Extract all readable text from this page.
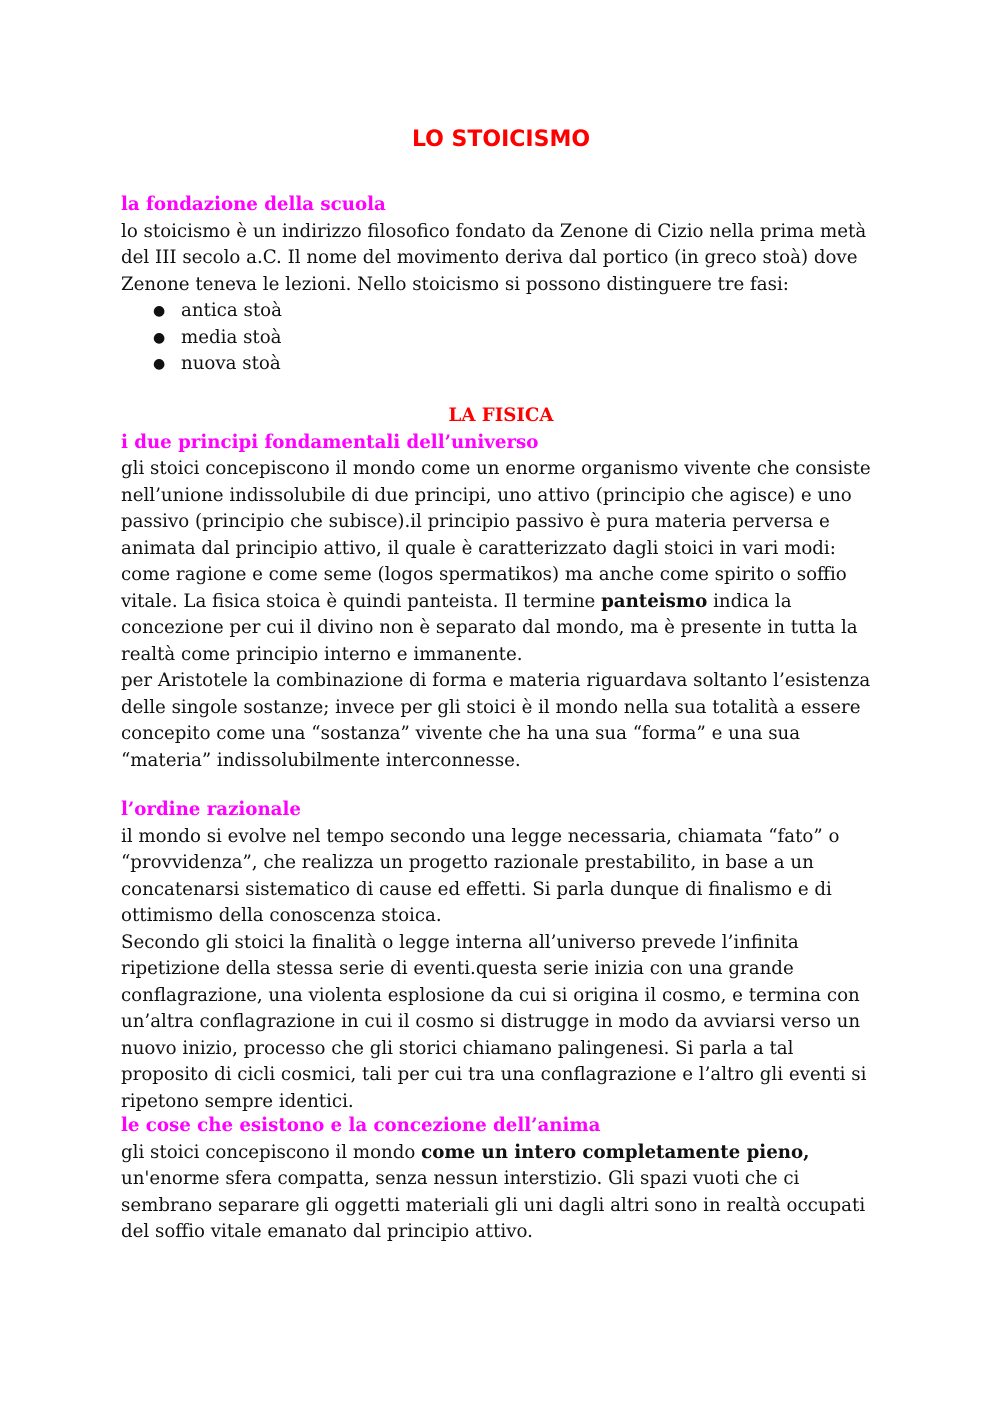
LO STOICISMO

la fondazione della scuola

lo stoicismo è un indirizzo filosofico fondato da Zenone di Cizio nella prima metà del III secolo a.C. Il nome del movimento deriva dal portico (in greco stoà) dove Zenone teneva le lezioni. Nello stoicismo si possono distinguere tre fasi:

● antica stoà
● media stoà
● nuova stoà

LA FISICA

i due principi fondamentali dell’universo

gli stoici concepiscono il mondo come un enorme organismo vivente che consiste nell’unione indissolubile di due principi, uno attivo (principio che agisce) e uno passivo (principio che subisce).il principio passivo è pura materia perversa e animata dal principio attivo, il quale è caratterizzato dagli stoici in vari modi: come ragione e come seme (logos spermatikos) ma anche come spirito o soffio vitale. La fisica stoica è quindi panteista. Il termine panteismo indica la concezione per cui il divino non è separato dal mondo, ma è presente in tutta la realtà come principio interno e immanente.

per Aristotele la combinazione di forma e materia riguardava soltanto l’esistenza delle singole sostanze; invece per gli stoici è il mondo nella sua totalità a essere concepito come una “sostanza” vivente che ha una sua “forma” e una sua “materia” indissolubilmente interconnesse.

l’ordine razionale

il mondo si evolve nel tempo secondo una legge necessaria, chiamata “fato” o “provvidenza”, che realizza un progetto razionale prestabilito, in base a un concatenarsi sistematico di cause ed effetti. Si parla dunque di finalismo e di ottimismo della conoscenza stoica.

Secondo gli stoici la finalità o legge interna all’universo prevede l’infinita ripetizione della stessa serie di eventi.questa serie inizia con una grande conflagrazione, una violenta esplosione da cui si origina il cosmo, e termina con un’altra conflagrazione in cui il cosmo si distrugge in modo da avviarsi verso un nuovo inizio, processo che gli storici chiamano palingenesi. Si parla a tal proposito di cicli cosmici, tali per cui tra una conflagrazione e l’altro gli eventi si ripetono sempre identici.

le cose che esistono e la concezione dell’anima

gli stoici concepiscono il mondo come un intero completamente pieno, un'enorme sfera compatta, senza nessun interstizio. Gli spazi vuoti che ci sembrano separare gli oggetti materiali gli uni dagli altri sono in realtà occupati del soffio vitale emanato dal principio attivo.
